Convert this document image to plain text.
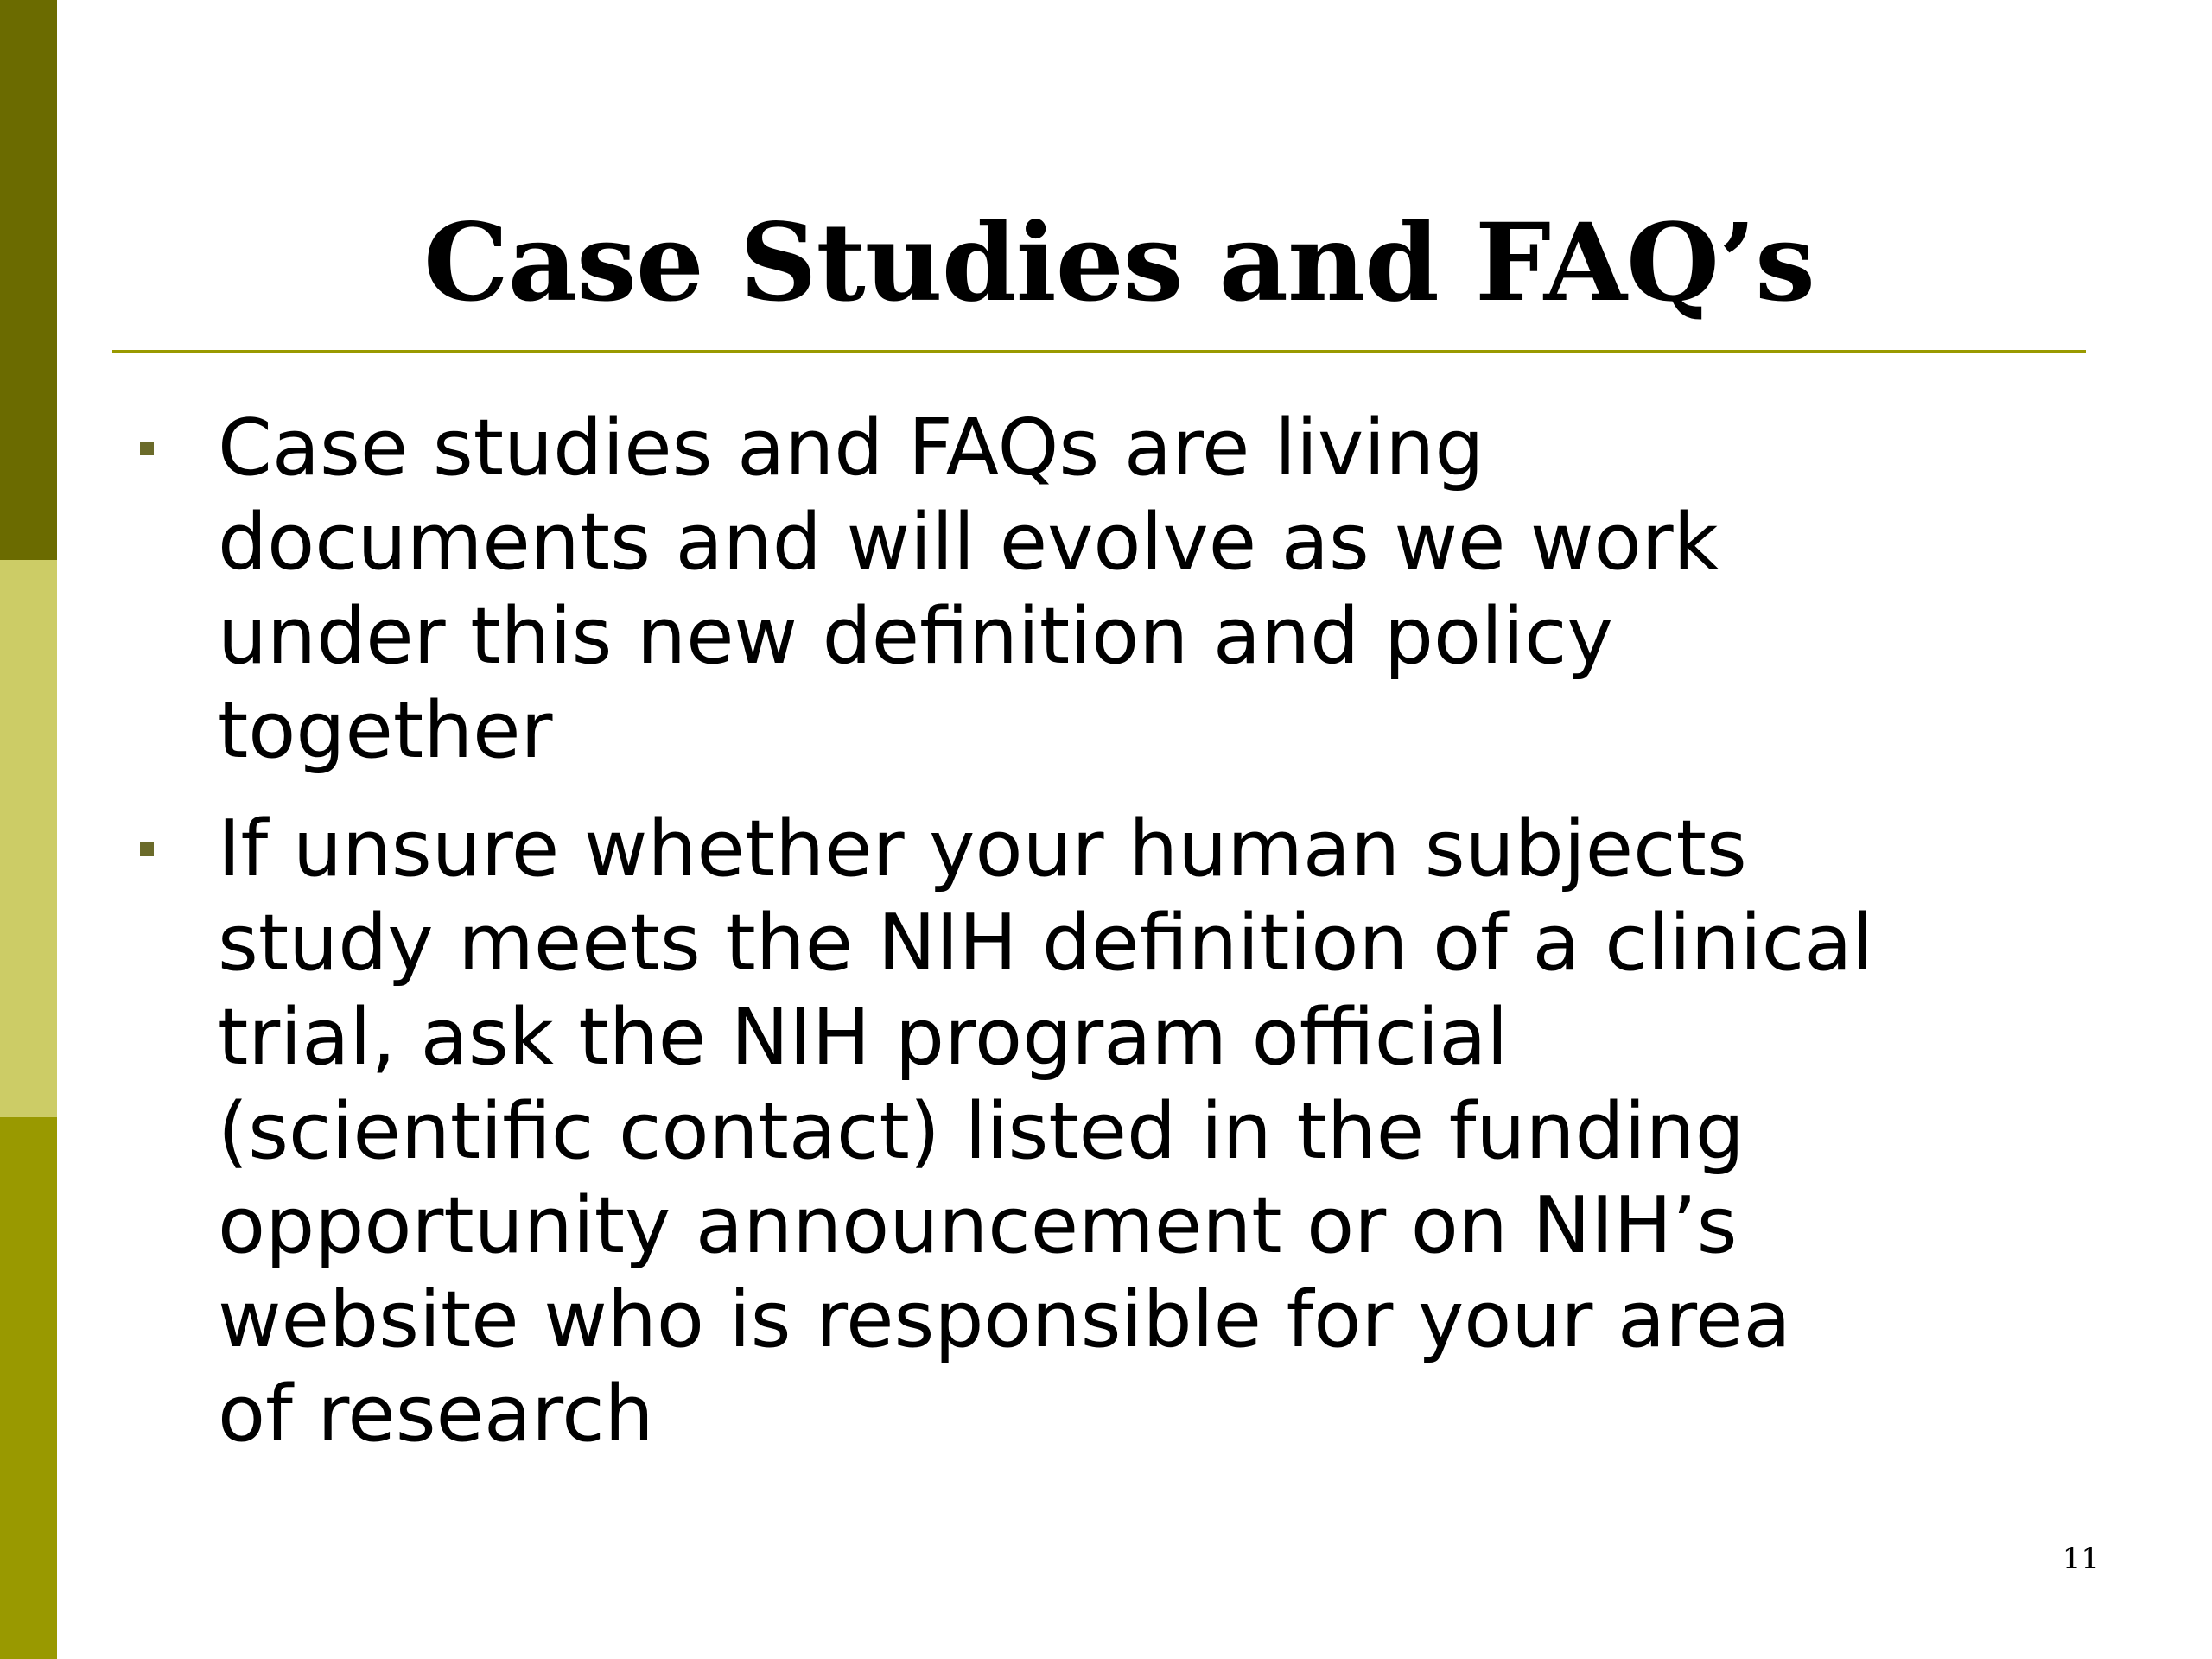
Case Studies and FAQ’s
Case studies and FAQs are living
documents and will evolve as we work
under this new definition and policy
together
If unsure whether your human subjects
study meets the NIH definition of a clinical
trial, ask the NIH program official
(scientific contact) listed in the funding
opportunity announcement or on NIH’s
website who is responsible for your area
of research
11
